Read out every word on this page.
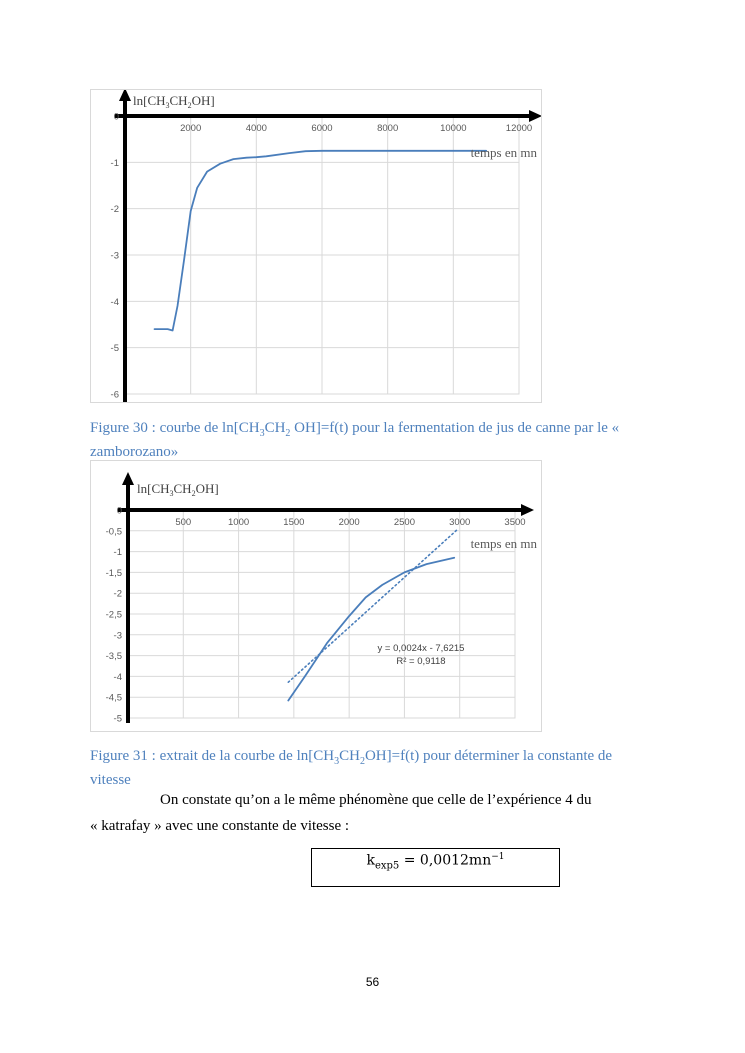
2000	4000	6000	8000	10000	12000
0
-1
-2
-3
-4
-5
-6
$\ln[CH_3CH_2OH]$
temps en mn
Figure 30 : courbe de $\ln[CH_3CH_2$ OH]=f(t) pour la fermentation de jus de canne par le « zamborozano»
500	1000	1500	2000	2500	3000	3500
0
-0,5
-1
-1,5
-2
-2,5
-3
-3,5
-4
-4,5
-5
$\ln[CH_3CH_2OH]$
temps en mn
y = 0,0024x - 7,6215
R² = 0,9118
Figure 31 : extrait de la courbe de $\ln[CH_3CH_2OH]=f(t)$ pour déterminer la constante de vitesse
On constate qu’on a le même phénomène que celle de l’expérience 4 du
« katrafay » avec une constante de vitesse :
$k_{exp5} = 0,0012mn^{-1}$
56
